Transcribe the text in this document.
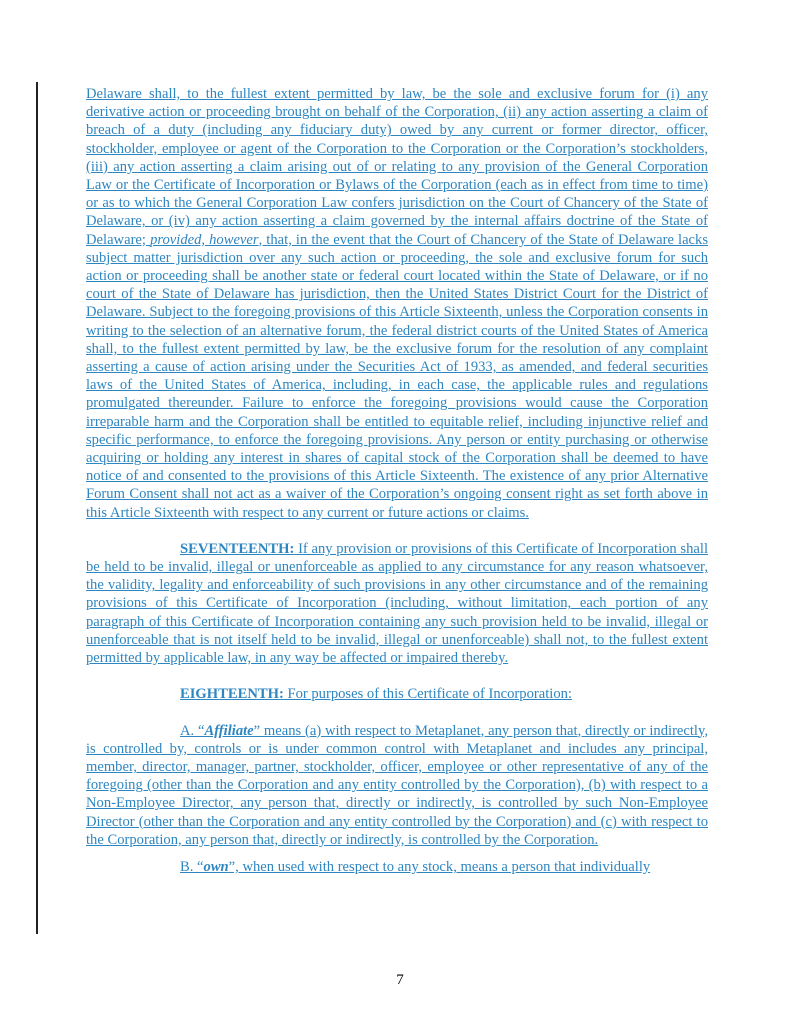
Delaware shall, to the fullest extent permitted by law, be the sole and exclusive forum for (i) any derivative action or proceeding brought on behalf of the Corporation, (ii) any action asserting a claim of breach of a duty (including any fiduciary duty) owed by any current or former director, officer, stockholder, employee or agent of the Corporation to the Corporation or the Corporation’s stockholders, (iii) any action asserting a claim arising out of or relating to any provision of the General Corporation Law or the Certificate of Incorporation or Bylaws of the Corporation (each as in effect from time to time) or as to which the General Corporation Law confers jurisdiction on the Court of Chancery of the State of Delaware, or (iv) any action asserting a claim governed by the internal affairs doctrine of the State of Delaware; provided, however, that, in the event that the Court of Chancery of the State of Delaware lacks subject matter jurisdiction over any such action or proceeding, the sole and exclusive forum for such action or proceeding shall be another state or federal court located within the State of Delaware, or if no court of the State of Delaware has jurisdiction, then the United States District Court for the District of Delaware. Subject to the foregoing provisions of this Article Sixteenth, unless the Corporation consents in writing to the selection of an alternative forum, the federal district courts of the United States of America shall, to the fullest extent permitted by law, be the exclusive forum for the resolution of any complaint asserting a cause of action arising under the Securities Act of 1933, as amended, and federal securities laws of the United States of America, including, in each case, the applicable rules and regulations promulgated thereunder. Failure to enforce the foregoing provisions would cause the Corporation irreparable harm and the Corporation shall be entitled to equitable relief, including injunctive relief and specific performance, to enforce the foregoing provisions. Any person or entity purchasing or otherwise acquiring or holding any interest in shares of capital stock of the Corporation shall be deemed to have notice of and consented to the provisions of this Article Sixteenth. The existence of any prior Alternative Forum Consent shall not act as a waiver of the Corporation’s ongoing consent right as set forth above in this Article Sixteenth with respect to any current or future actions or claims.

SEVENTEENTH: If any provision or provisions of this Certificate of Incorporation shall be held to be invalid, illegal or unenforceable as applied to any circumstance for any reason whatsoever, the validity, legality and enforceability of such provisions in any other circumstance and of the remaining provisions of this Certificate of Incorporation (including, without limitation, each portion of any paragraph of this Certificate of Incorporation containing any such provision held to be invalid, illegal or unenforceable that is not itself held to be invalid, illegal or unenforceable) shall not, to the fullest extent permitted by applicable law, in any way be affected or impaired thereby.

EIGHTEENTH: For purposes of this Certificate of Incorporation:

A. “Affiliate” means (a) with respect to Metaplanet, any person that, directly or indirectly, is controlled by, controls or is under common control with Metaplanet and includes any principal, member, director, manager, partner, stockholder, officer, employee or other representative of any of the foregoing (other than the Corporation and any entity controlled by the Corporation), (b) with respect to a Non-Employee Director, any person that, directly or indirectly, is controlled by such Non-Employee Director (other than the Corporation and any entity controlled by the Corporation) and (c) with respect to the Corporation, any person that, directly or indirectly, is controlled by the Corporation.

B. “own”, when used with respect to any stock, means a person that individually

7
